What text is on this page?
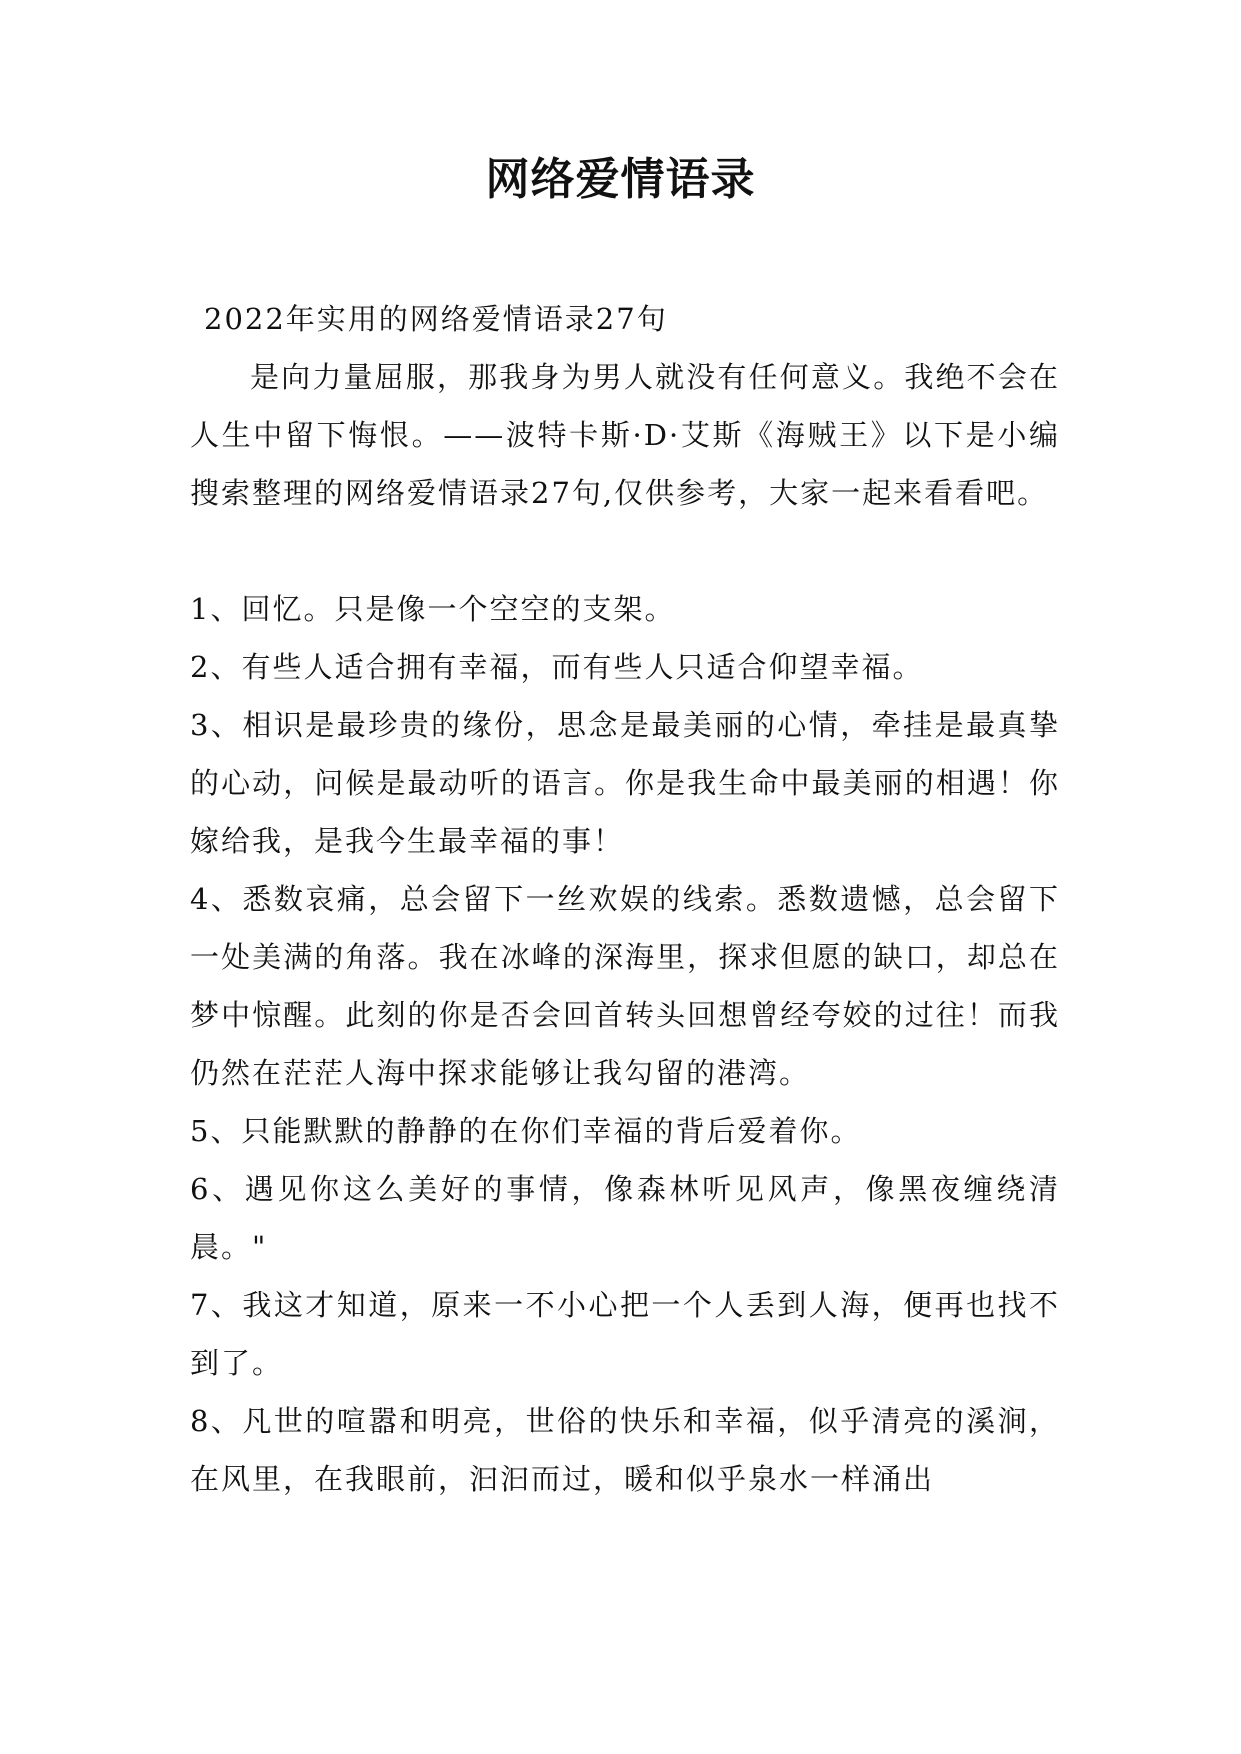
网络爱情语录

2022年实用的网络爱情语录27句

是向力量屈服，那我身为男人就没有任何意义。我绝不会在人生中留下悔恨。——波特卡斯·D·艾斯《海贼王》以下是小编搜索整理的网络爱情语录27句,仅供参考，大家一起来看看吧。

1、回忆。只是像一个空空的支架。
2、有些人适合拥有幸福，而有些人只适合仰望幸福。
3、相识是最珍贵的缘份，思念是最美丽的心情，牵挂是最真挚的心动，问候是最动听的语言。你是我生命中最美丽的相遇！你嫁给我，是我今生最幸福的事！
4、悉数哀痛，总会留下一丝欢娱的线索。悉数遗憾，总会留下一处美满的角落。我在冰峰的深海里，探求但愿的缺口，却总在梦中惊醒。此刻的你是否会回首转头回想曾经夸姣的过往！而我仍然在茫茫人海中探求能够让我勾留的港湾。
5、只能默默的静静的在你们幸福的背后爱着你。
6、遇见你这么美好的事情，像森林听见风声，像黑夜缠绕清晨。"
7、我这才知道，原来一不小心把一个人丢到人海，便再也找不到了。
8、凡世的喧嚣和明亮，世俗的快乐和幸福，似乎清亮的溪涧，在风里，在我眼前，汩汩而过，暖和似乎泉水一样涌出
